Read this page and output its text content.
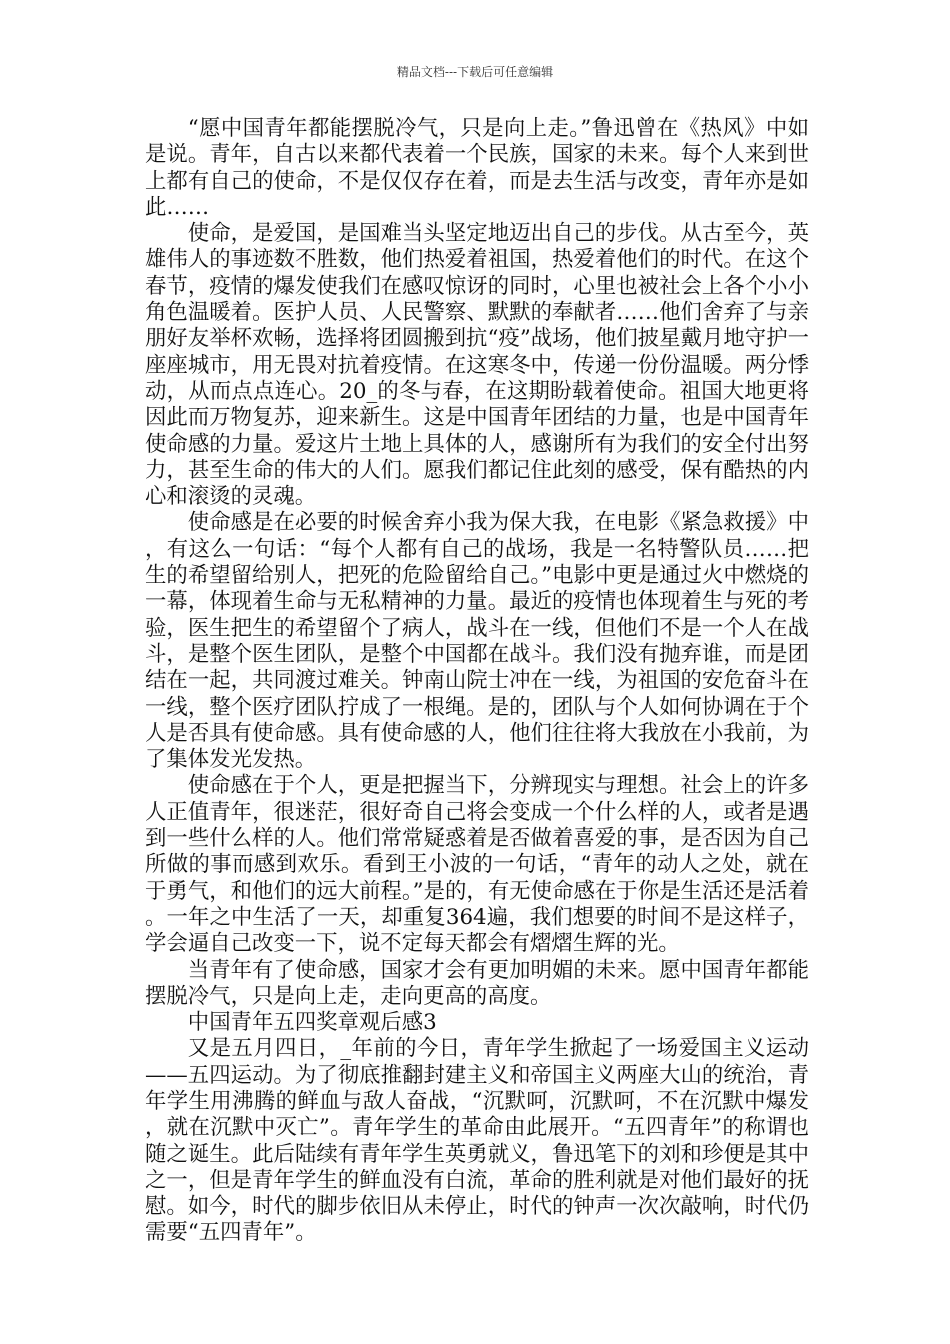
精品文档---下载后可任意编辑

“愿中国青年都能摆脱冷气，只是向上走。”鲁迅曾在《热风》中如是说。青年，自古以来都代表着一个民族，国家的未来。每个人来到世上都有自己的使命，不是仅仅存在着，而是去生活与改变，青年亦是如此……

使命，是爱国，是国难当头坚定地迈出自己的步伐。从古至今，英雄伟人的事迹数不胜数，他们热爱着祖国，热爱着他们的时代。在这个春节，疫情的爆发使我们在感叹惊讶的同时，心里也被社会上各个小小角色温暖着。医护人员、人民警察、默默的奉献者……他们舍弃了与亲朋好友举杯欢畅，选择将团圆搬到抗“疫”战场，他们披星戴月地守护一座座城市，用无畏对抗着疫情。在这寒冬中，传递一份份温暖。两分悸动，从而点点连心。20_的冬与春，在这期盼载着使命。祖国大地更将因此而万物复苏，迎来新生。这是中国青年团结的力量，也是中国青年使命感的力量。爱这片土地上具体的人，感谢所有为我们的安全付出努力，甚至生命的伟大的人们。愿我们都记住此刻的感受，保有酷热的内心和滚烫的灵魂。

使命感是在必要的时候舍弃小我为保大我，在电影《紧急救援》中，有这么一句话：“每个人都有自己的战场，我是一名特警队员……把生的希望留给别人，把死的危险留给自己。”电影中更是通过火中燃烧的一幕，体现着生命与无私精神的力量。最近的疫情也体现着生与死的考验，医生把生的希望留个了病人，战斗在一线，但他们不是一个人在战斗，是整个医生团队，是整个中国都在战斗。我们没有抛弃谁，而是团结在一起，共同渡过难关。钟南山院士冲在一线，为祖国的安危奋斗在一线，整个医疗团队拧成了一根绳。是的，团队与个人如何协调在于个人是否具有使命感。具有使命感的人，他们往往将大我放在小我前，为了集体发光发热。

使命感在于个人，更是把握当下，分辨现实与理想。社会上的许多人正值青年，很迷茫，很好奇自己将会变成一个什么样的人，或者是遇到一些什么样的人。他们常常疑惑着是否做着喜爱的事，是否因为自己所做的事而感到欢乐。看到王小波的一句话，“青年的动人之处，就在于勇气，和他们的远大前程。”是的，有无使命感在于你是生活还是活着。一年之中生活了一天，却重复364遍，我们想要的时间不是这样子，学会逼自己改变一下，说不定每天都会有熠熠生辉的光。

当青年有了使命感，国家才会有更加明媚的未来。愿中国青年都能摆脱冷气，只是向上走，走向更高的高度。

中国青年五四奖章观后感3

又是五月四日，_年前的今日，青年学生掀起了一场爱国主义运动——五四运动。为了彻底推翻封建主义和帝国主义两座大山的统治，青年学生用沸腾的鲜血与敌人奋战，“沉默呵，沉默呵，不在沉默中爆发，就在沉默中灭亡”。青年学生的革命由此展开。“五四青年”的称谓也随之诞生。此后陆续有青年学生英勇就义，鲁迅笔下的刘和珍便是其中之一，但是青年学生的鲜血没有白流，革命的胜利就是对他们最好的抚慰。如今，时代的脚步依旧从未停止，时代的钟声一次次敲响，时代仍需要“五四青年”。
